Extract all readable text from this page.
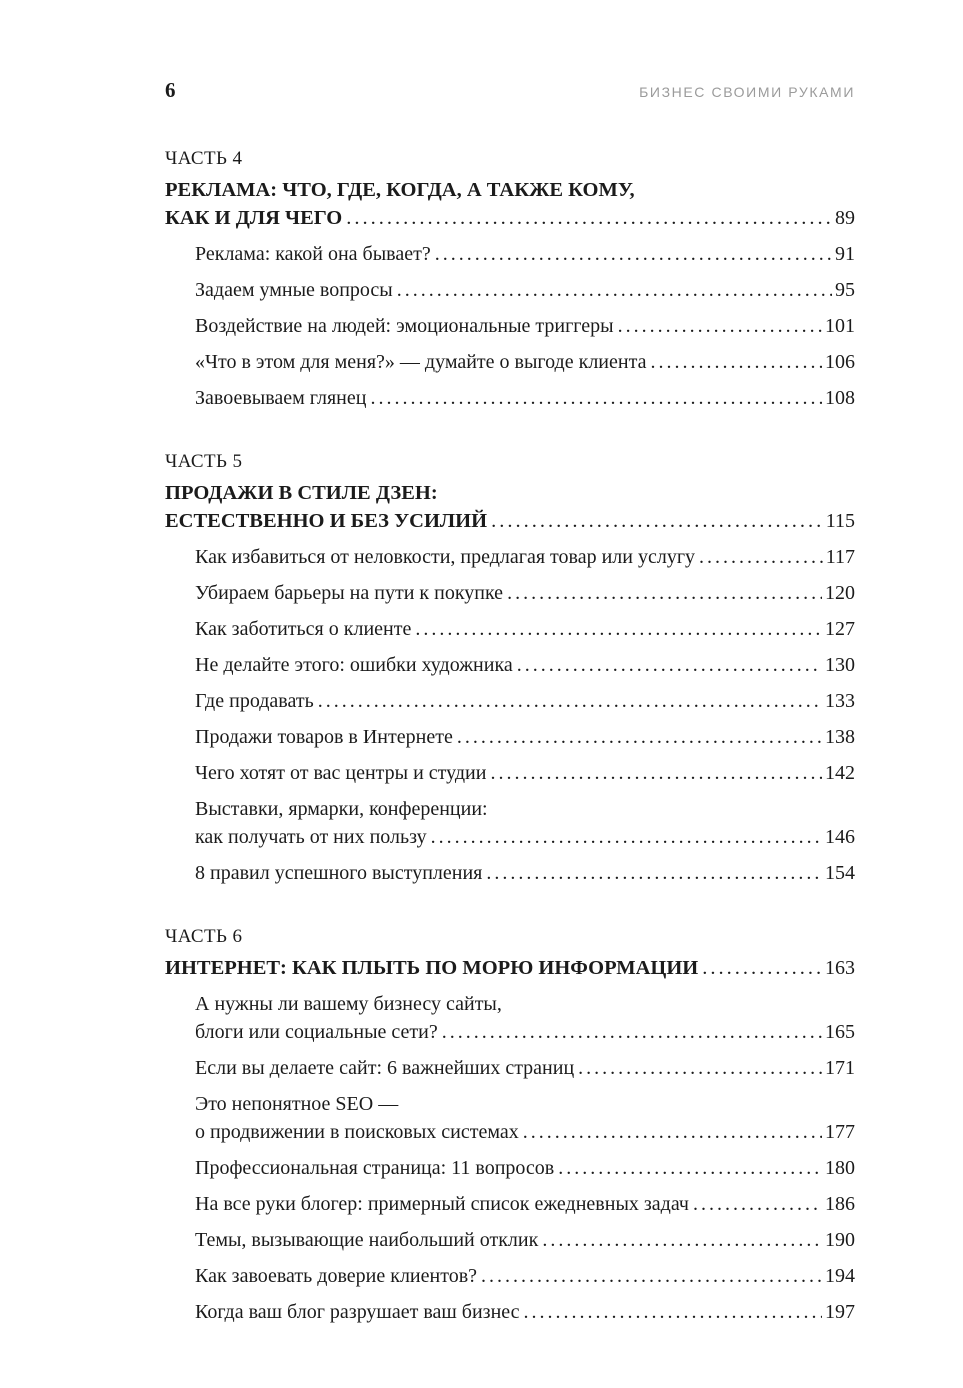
6	БИЗНЕС СВОИМИ РУКАМИ
ЧАСТЬ 4
РЕКЛАМА: ЧТО, ГДЕ, КОГДА, А ТАКЖЕ КОМУ,
КАК И ДЛЯ ЧЕГО .....	89
Реклама: какой она бывает? .....	91
Задаем умные вопросы .....	95
Воздействие на людей: эмоциональные триггеры .....	101
«Что в этом для меня?» — думайте о выгоде клиента .....	106
Завоевываем глянец .....	108
ЧАСТЬ 5
ПРОДАЖИ В СТИЛЕ ДЗЕН:
ЕСТЕСТВЕННО И БЕЗ УСИЛИЙ .....	115
Как избавиться от неловкости, предлагая товар или услугу .....	117
Убираем барьеры на пути к покупке .....	120
Как заботиться о клиенте .....	127
Не делайте этого: ошибки художника .....	130
Где продавать .....	133
Продажи товаров в Интернете .....	138
Чего хотят от вас центры и студии .....	142
Выставки, ярмарки, конференции:
как получать от них пользу .....	146
8 правил успешного выступления .....	154
ЧАСТЬ 6
ИНТЕРНЕТ: КАК ПЛЫТЬ ПО МОРЮ ИНФОРМАЦИИ .....	163
А нужны ли вашему бизнесу сайты,
блоги или социальные сети? .....	165
Если вы делаете сайт: 6 важнейших страниц .....	171
Это непонятное SEO —
о продвижении в поисковых системах .....	177
Профессиональная страница: 11 вопросов .....	180
На все руки блогер: примерный список ежедневных задач .....	186
Темы, вызывающие наибольший отклик .....	190
Как завоевать доверие клиентов? .....	194
Когда ваш блог разрушает ваш бизнес .....	197
